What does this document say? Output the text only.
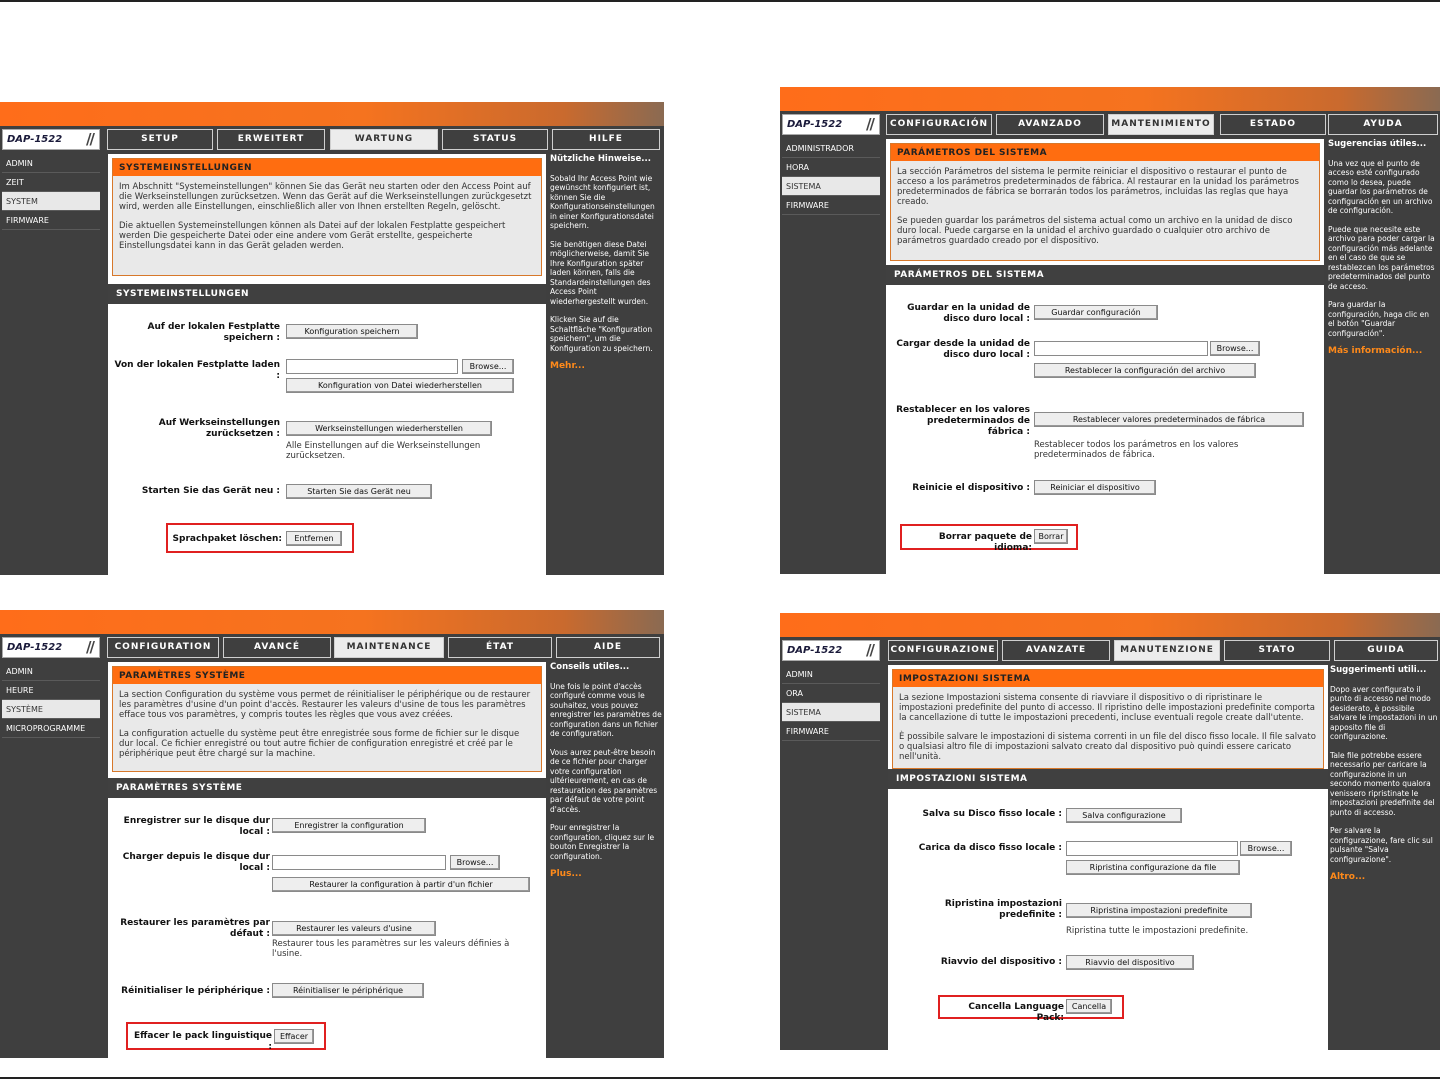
DAP-1522 //	SETUP	ERWEITERT	WARTUNG	STATUS	HILFE
ADMIN
ZEIT
SYSTEM
FIRMWARE
SYSTEMEINSTELLUNGEN

Im Abschnitt "Systemeinstellungen" können Sie das Gerät neu starten oder den Access Point auf die Werkseinstellungen zurücksetzen. Wenn das Gerät auf die Werkseinstellungen zurückgesetzt wird, werden alle Einstellungen, einschließlich aller von Ihnen erstellten Regeln, gelöscht.

Die aktuellen Systemeinstellungen können als Datei auf der lokalen Festplatte gespeichert werden Die gespeicherte Datei oder eine andere vom Gerät erstellte, gespeicherte Einstellungsdatei kann in das Gerät geladen werden.

SYSTEMEINSTELLUNGEN
Auf der lokalen Festplatte speichern :
Konfiguration speichern
Von der lokalen Festplatte laden :
Browse...
Konfiguration von Datei wiederherstellen
Auf Werkseinstellungen zurücksetzen :
Werkseinstellungen wiederherstellen
Alle Einstellungen auf die Werkseinstellungen zurücksetzen.
Starten Sie das Gerät neu :	Starten Sie das Gerät neu
Sprachpaket löschen:	Entfernen
Nützliche Hinweise...

Sobald Ihr Access Point wie gewünscht konfiguriert ist, können Sie die Konfigurationseinstellungen in einer Konfigurationsdatei speichern.

Sie benötigen diese Datei möglicherweise, damit Sie Ihre Konfiguration später laden können, falls die Standardeinstellungen des Access Point wiederhergestellt wurden.

Klicken Sie auf die Schaltfläche "Konfiguration speichern", um die Konfiguration zu speichern.

Mehr...
DAP-1522 //	CONFIGURACIÓN	AVANZADO	MANTENIMIENTO	ESTADO	AYUDA
ADMINISTRADOR
HORA
SISTEMA
FIRMWARE
PARÁMETROS DEL SISTEMA

La sección Parámetros del sistema le permite reiniciar el dispositivo o restaurar el punto de acceso a los parámetros predeterminados de fábrica. Al restaurar en la unidad los parámetros predeterminados de fábrica se borrarán todos los parámetros, incluidas las reglas que haya creado.

Se pueden guardar los parámetros del sistema actual como un archivo en la unidad de disco duro local. Puede cargarse en la unidad el archivo guardado o cualquier otro archivo de parámetros guardado creado por el dispositivo.

PARÁMETROS DEL SISTEMA
Guardar en la unidad de disco duro local :
Guardar configuración
Cargar desde la unidad de disco duro local :
Browse...
Restablecer la configuración del archivo
Restablecer en los valores predeterminados de fábrica :
Restablecer valores predeterminados de fábrica
Restablecer todos los parámetros en los valores predeterminados de fábrica.
Reinicie el dispositivo :	Reiniciar el dispositivo
Borrar paquete de idioma:
Borrar
Sugerencias útiles...

Una vez que el punto de acceso esté configurado como lo desea, puede guardar los parámetros de configuración en un archivo de configuración.

Puede que necesite este archivo para poder cargar la configuración más adelante en el caso de que se restablezcan los parámetros predeterminados del punto de acceso.

Para guardar la configuración, haga clic en el botón "Guardar configuración".

Más información...
DAP-1522 //	CONFIGURATION	AVANCÉ	MAINTENANCE	ÉTAT	AIDE
ADMIN
HEURE
SYSTÈME
MICROPROGRAMME
PARAMÈTRES SYSTÈME

La section Configuration du système vous permet de réinitialiser le périphérique ou de restaurer les paramètres d'usine d'un point d'accès. Restaurer les valeurs d'usine de tous les paramètres efface tous vos paramètres, y compris toutes les règles que vous avez créées.

La configuration actuelle du système peut être enregistrée sous forme de fichier sur le disque dur local. Ce fichier enregistré ou tout autre fichier de configuration enregistré et créé par le périphérique peut être chargé sur la machine.

PARAMÈTRES SYSTÈME
Enregistrer sur le disque dur local :
Enregistrer la configuration
Charger depuis le disque dur local :
Browse...
Restaurer la configuration à partir d'un fichier
Restaurer les paramètres par défaut :
Restaurer les valeurs d'usine
Restaurer tous les paramètres sur les valeurs définies à l'usine.
Réinitialiser le périphérique :	Réinitialiser le périphérique
Effacer le pack linguistique :
Effacer
Conseils utiles...

Une fois le point d'accès configuré comme vous le souhaitez, vous pouvez enregistrer les paramètres de configuration dans un fichier de configuration.

Vous aurez peut-être besoin de ce fichier pour charger votre configuration ultérieurement, en cas de restauration des paramètres par défaut de votre point d'accès.

Pour enregistrer la configuration, cliquez sur le bouton Enregistrer la configuration.

Plus...
DAP-1522 //	CONFIGURAZIONE	AVANZATE	MANUTENZIONE	STATO	GUIDA
ADMIN
ORA
SISTEMA
FIRMWARE
IMPOSTAZIONI SISTEMA

La sezione Impostazioni sistema consente di riavviare il dispositivo o di ripristinare le impostazioni predefinite del punto di accesso. Il ripristino delle impostazioni predefinite comporta la cancellazione di tutte le impostazioni precedenti, incluse eventuali regole create dall'utente.

È possibile salvare le impostazioni di sistema correnti in un file del disco fisso locale. Il file salvato o qualsiasi altro file di impostazioni salvato creato dal dispositivo può quindi essere caricato nell'unità.

IMPOSTAZIONI SISTEMA
Salva su Disco fisso locale :	Salva configurazione
Carica da disco fisso locale :	Browse...
Ripristina configurazione da file
Ripristina impostazioni predefinite :	Ripristina impostazioni predefinite
Ripristina tutte le impostazioni predefinite.
Riavvio del dispositivo :	Riavvio del dispositivo
Cancella Language Pack:
Cancella
Suggerimenti utili...

Dopo aver configurato il punto di accesso nel modo desiderato, è possibile salvare le impostazioni in un apposito file di configurazione.

Tale file potrebbe essere necessario per caricare la configurazione in un secondo momento qualora venissero ripristinate le impostazioni predefinite del punto di accesso.

Per salvare la configurazione, fare clic sul pulsante "Salva configurazione".

Altro...
